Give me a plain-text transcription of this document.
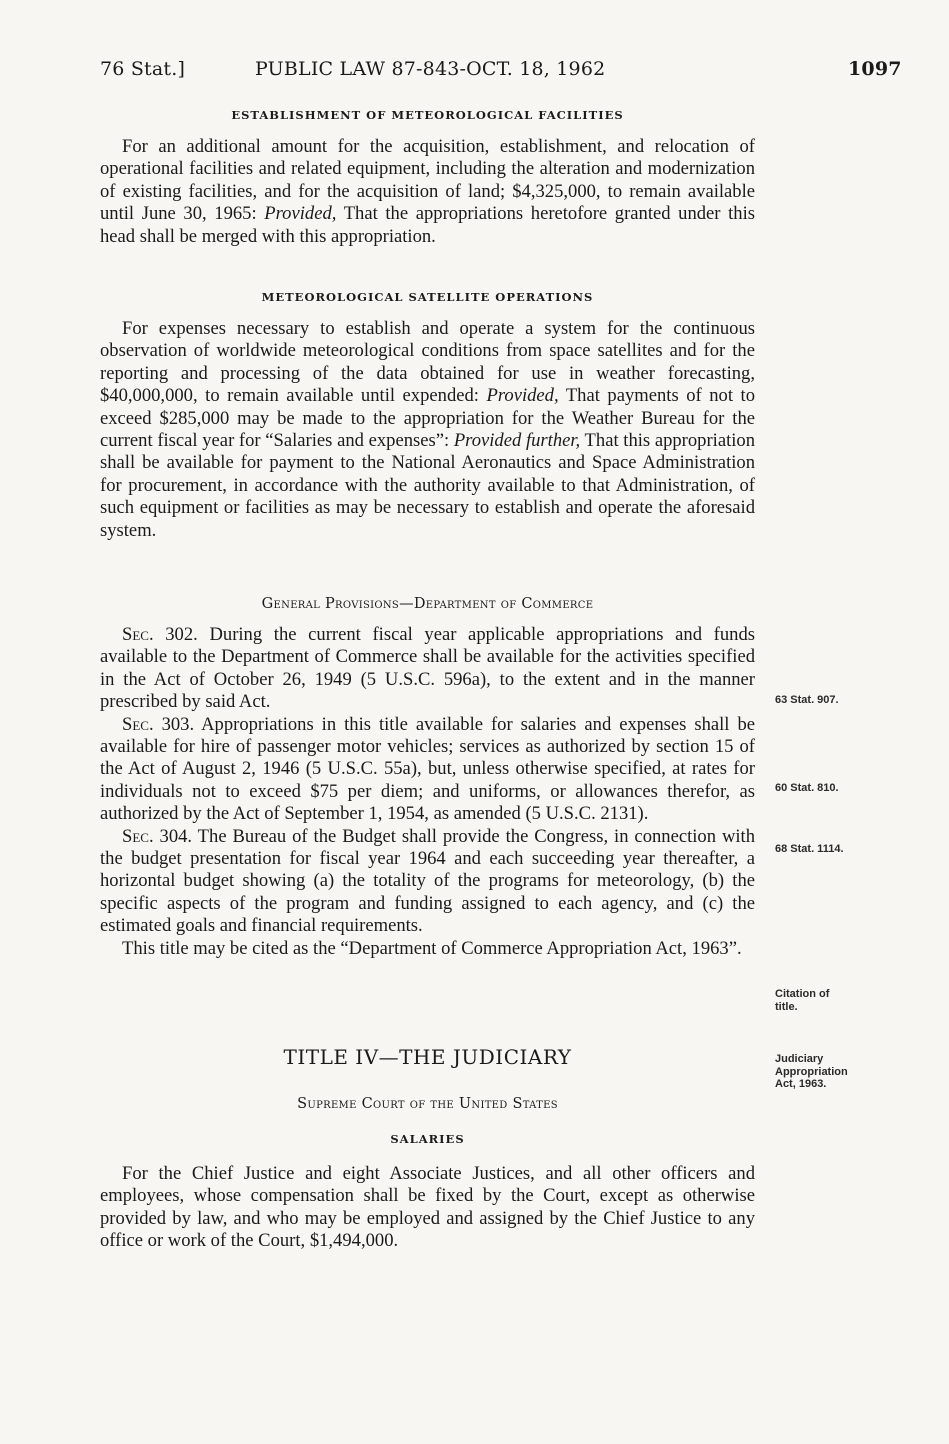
76 Stat.]	PUBLIC LAW 87-843-OCT. 18, 1962	1097
ESTABLISHMENT OF METEOROLOGICAL FACILITIES

For an additional amount for the acquisition, establishment, and relocation of operational facilities and related equipment, including the alteration and modernization of existing facilities, and for the acquisition of land; $4,325,000, to remain available until June 30, 1965: Provided, That the appropriations heretofore granted under this head shall be merged with this appropriation.

METEOROLOGICAL SATELLITE OPERATIONS

For expenses necessary to establish and operate a system for the continuous observation of worldwide meteorological conditions from space satellites and for the reporting and processing of the data obtained for use in weather forecasting, $40,000,000, to remain available until expended: Provided, That payments of not to exceed $285,000 may be made to the appropriation for the Weather Bureau for the current fiscal year for “Salaries and expenses”: Provided further, That this appropriation shall be available for payment to the National Aeronautics and Space Administration for procurement, in accordance with the authority available to that Administration, of such equipment or facilities as may be necessary to establish and operate the aforesaid system.

General Provisions—Department of Commerce

Sec. 302. During the current fiscal year applicable appropriations and funds available to the Department of Commerce shall be available for the activities specified in the Act of October 26, 1949 (5 U.S.C. 596a), to the extent and in the manner prescribed by said Act.

Sec. 303. Appropriations in this title available for salaries and expenses shall be available for hire of passenger motor vehicles; services as authorized by section 15 of the Act of August 2, 1946 (5 U.S.C. 55a), but, unless otherwise specified, at rates for individuals not to exceed $75 per diem; and uniforms, or allowances therefor, as authorized by the Act of September 1, 1954, as amended (5 U.S.C. 2131).

Sec. 304. The Bureau of the Budget shall provide the Congress, in connection with the budget presentation for fiscal year 1964 and each succeeding year thereafter, a horizontal budget showing (a) the totality of the programs for meteorology, (b) the specific aspects of the program and funding assigned to each agency, and (c) the estimated goals and financial requirements.

This title may be cited as the “Department of Commerce Appropriation Act, 1963”.

TITLE IV—THE JUDICIARY
Supreme Court of the United States
SALARIES

For the Chief Justice and eight Associate Justices, and all other officers and employees, whose compensation shall be fixed by the Court, except as otherwise provided by law, and who may be employed and assigned by the Chief Justice to any office or work of the Court, $1,494,000.

63 Stat. 907.
60 Stat. 810.
68 Stat. 1114.
Citation of
title.
Judiciary
Appropriation
Act, 1963.
